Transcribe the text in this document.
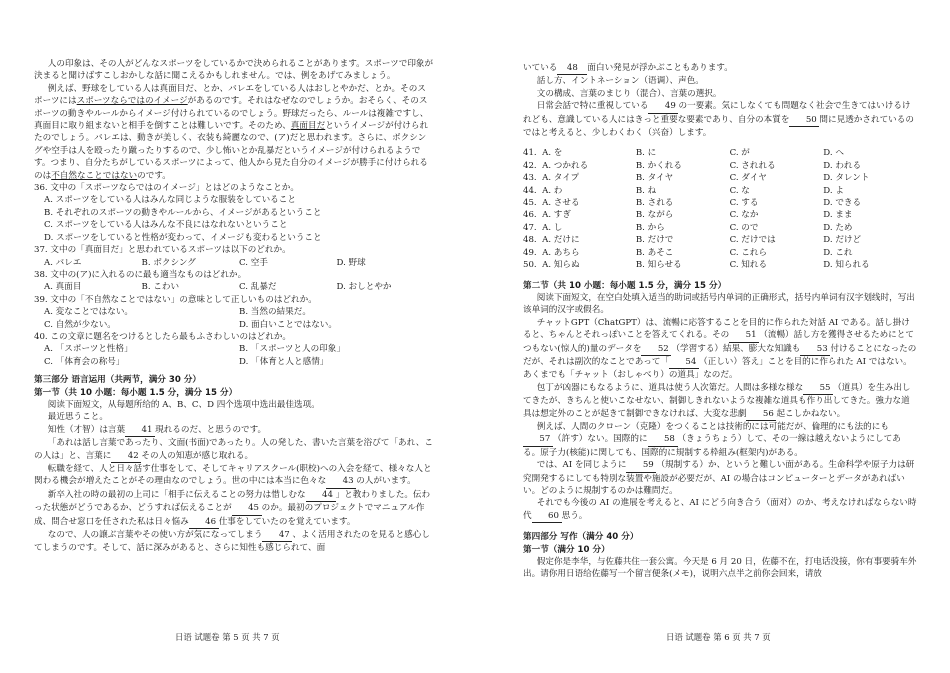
人の印象は、その人がどんなスポーツをしているかで決められることがあります。スポーツで印象が決まると聞けばすこしおかしな話に聞こえるかもしれません。では、例をあげてみましょう。

例えば、野球をしている人は真面目だ、とか、バレエをしている人はおしとやかだ、とか。そのスポーツにはスポーツならではのイメージがあるのです。それはなぜなのでしょうか。おそらく、そのスポーツの動きやルールからイメージ付けられているのでしょう。野球だったら、ルールは複雑ですし、真面目に取り組まないと相手を倒すことは難しいです。そのため、真面目だというイメージが付けられたのでしょう。バレエは、動きが美しく、衣装も綺麗なので、(ア)だと思われます。さらに、ボクシングや空手は人を殴ったり蹴ったりするので、少し怖いとか乱暴だというイメージが付けられるようです。つまり、自分たちがしているスポーツによって、他人から見た自分のイメージが勝手に付けられるのは不自然なことではないのです。

36. 文中の「スポーツならではのイメージ」とはどのようなことか。

A. スポーツをしている人はみんな同じような服装をしていること

B. それぞれのスポーツの動きやルールから、イメージがあるということ

C. スポーツをしている人はみんな不良にはなれないということ

D. スポーツをしていると性格が変わって、イメージも変わるということ

37. 文中の「真面目だ」と思われているスポーツは以下のどれか。

A. バレエ	B. ボクシング	C. 空手	D. 野球

38. 文中の(ア)に入れるのに最も適当なものはどれか。

A. 真面目	B. こわい	C. 乱暴だ	D. おしとやか

39. 文中の「不自然なことではない」の意味として正しいものはどれか。

A. 変なことではない。	B. 当然の結果だ。
C. 自然が少ない。	D. 面白いことではない。

40. この文章に題名をつけるとしたら最もふさわしいのはどれか。

A. 「スポーツと性格」	B. 「スポーツと人の印象」
C. 「体育会の称号」	D. 「体育と人と感情」

第三部分 语言运用（共两节，满分 30 分）

第一节（共 10 小题：每小题 1.5 分，满分 15 分）

阅读下面短文，从每题所给的 A、B、C、D 四个选项中选出最佳选项。

最近思うこと。

知性（才智）は言葉 41 現れるのだ、と思うのです。

「あれは話し言葉であったり、文面(书面)であったり。人の発した、書いた言葉を浴びて「あれ、この人は」と、言葉に 42 その人の知恵が感じ取れる。

転職を経て、人と日々話す仕事をして、そしてキャリアスクール(职校)への入会を経て、様々な人と関わる機会が増えたことがその理由なのでしょう。世の中には本当に色々な 43 の人がいます。

新卒入社の時の最初の上司に「相手に伝えることの努力は惜しむな 44 」と教わりました。伝わった状態がどうであるか、どうすれば伝えることが 45 のか。最初のプロジェクトでマニュアル作成、問合せ窓口を任された私は日々悩み 46 仕事をしていたのを覚えています。

なので、人の譲ぶ言葉やその使い方が気になってしまう 47 、よく活用されたのを見ると感心してしまうのです。そして、話に深みがあると、さらに知性も感じられて、面

いている 48 面白い発見が浮かぶこともあります。

話し方、イントネーション（语调）、声色。

文の構成、言葉のまじり（混合）、言葉の選択。

日常会話で特に重視している 49 の一要素。気にしなくても問題なく社会で生きてはいけるけれども、意識している人にはきっと重要な要素であり、自分の本質を 50 間に見透かされているのではと考えると、少しわくわく（兴奋）します。

41. A. を	B. に	C. が	D. へ
42. A. つかれる	B. かくれる	C. されれる	D. われる
43. A. タイプ	B. タイヤ	C. ダイヤ	D. タレント
44. A. わ	B. ね	C. な	D. よ
45. A. させる	B. される	C. する	D. できる
46. A. すぎ	B. ながら	C. なか	D. まま
47. A. し	B. から	C. ので	D. ため
48. A. だけに	B. だけで	C. だけでは	D. だけど
49. A. あちら	B. あそこ	C. これら	D. これ
50. A. 知らぬ	B. 知らせる	C. 知れる	D. 知られる

第二节（共 10 小题：每小题 1.5 分，满分 15 分）

阅读下面短文，在空白处填入适当的助词或括号内单词的正确形式，括号内单词有汉字划线时，写出该单词的汉字或假名。

チャットGPT（ChatGPT）は、流暢に応答することを目的に作られた対話 AI である。話し掛けると、ちゃんとそれっぽいことを答えてくれる。その 51 （流暢）話し方を獲得させるためにとてつもない(惊人的)量のデータを 52 （学習する）結果、膨大な知識も 53 付けることになったのだが、それは副次的なことであって「 54 （正しい）答え」ことを目的に作られた AI ではない。あくまでも「チャット（おしゃべり）の道具」なのだ。

包丁が凶器にもなるように、道具は使う人次第だ。人間は多様な様な 55 （道具）を生み出してきたが、きちんと使いこなせない、制御しきれないような複雑な道具も作り出してきた。強力な道具は想定外のことが起きて制御できなければ、大変な悲劇 56 起こしかねない。

例えば、人間のクローン（克隆）をつくることは技術的には可能だが、倫理的にも法的にも57 （許す）ない。国際的に 58 （きょうちょう）して、その一線は越えないようにしてある。原子力(核能)に関しても、国際的に規制する枠組み(框架内)がある。

では、AI を同じように 59 （規制する）か、というと難しい面がある。生命科学や原子力は研究開発するにしても特別な装置や施設が必要だが、AI の場合はコンピューターとデータがあればいい。どのように規制するのかは難問だ。

それでも今後の AI の進展を考えると、AI にどう向き合う（面对）のか、考えなければならない時代 60 思う。

第四部分 写作（满分 40 分）

第一节（满分 10 分）

假定你是李华，与佐藤共住一套公寓。今天是 6 月 20 日，佐藤不在，打电话没接，你有事要骑车外出。请你用日语给佐藤写一个留言便条(メモ)，说明六点半之前你会回来，请放

日语 试题卷 第 5 页 共 7 页	日语 试题卷 第 6 页 共 7 页
